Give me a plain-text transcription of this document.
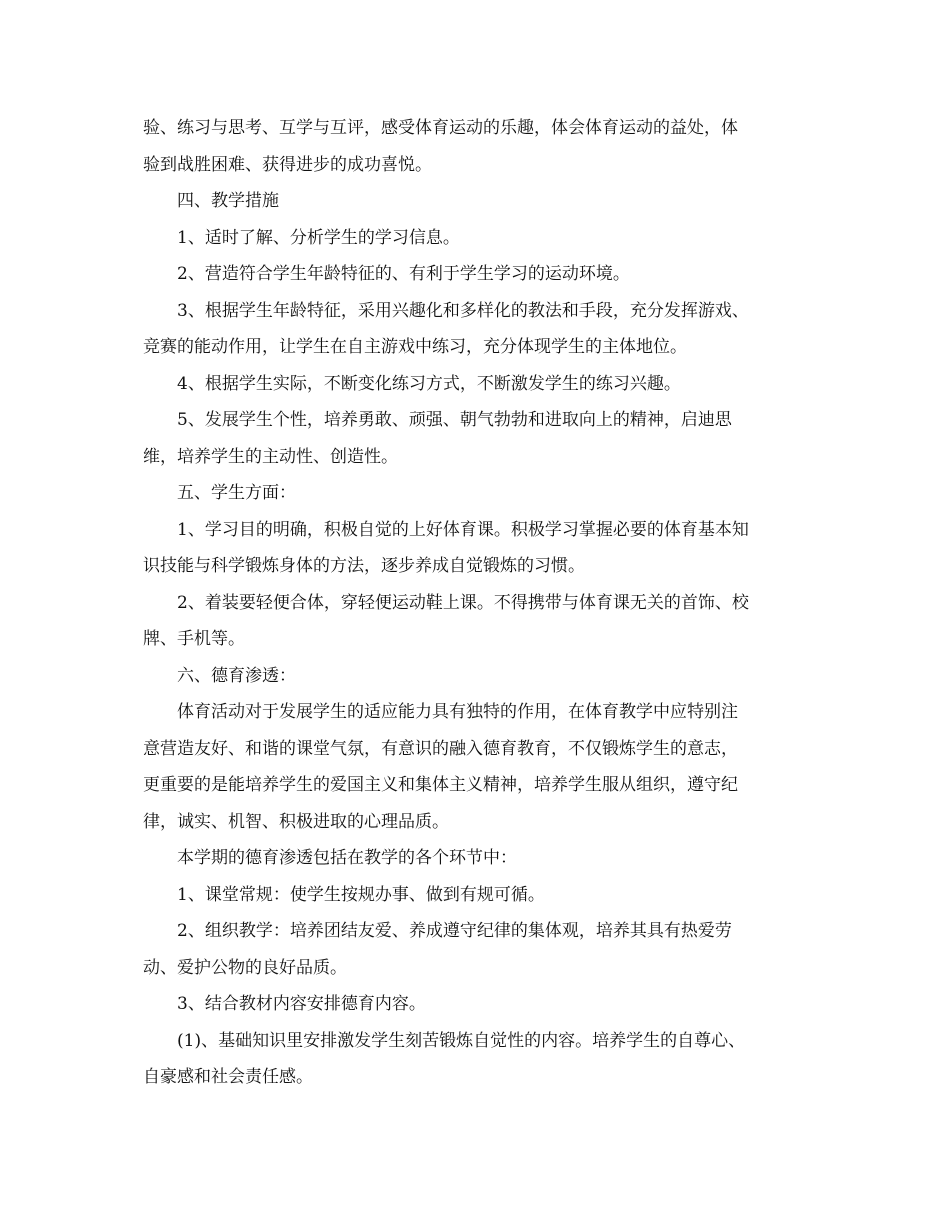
验、练习与思考、互学与互评，感受体育运动的乐趣，体会体育运动的益处，体
验到战胜困难、获得进步的成功喜悦。
四、教学措施
1、适时了解、分析学生的学习信息。
2、营造符合学生年龄特征的、有利于学生学习的运动环境。
3、根据学生年龄特征，采用兴趣化和多样化的教法和手段，充分发挥游戏、
竞赛的能动作用，让学生在自主游戏中练习，充分体现学生的主体地位。
4、根据学生实际，不断变化练习方式，不断激发学生的练习兴趣。
5、发展学生个性，培养勇敢、顽强、朝气勃勃和进取向上的精神，启迪思
维，培养学生的主动性、创造性。
五、学生方面：
1、学习目的明确，积极自觉的上好体育课。积极学习掌握必要的体育基本知
识技能与科学锻炼身体的方法，逐步养成自觉锻炼的习惯。
2、着装要轻便合体，穿轻便运动鞋上课。不得携带与体育课无关的首饰、校
牌、手机等。
六、德育渗透：
体育活动对于发展学生的适应能力具有独特的作用，在体育教学中应特别注
意营造友好、和谐的课堂气氛，有意识的融入德育教育，不仅锻炼学生的意志，
更重要的是能培养学生的爱国主义和集体主义精神，培养学生服从组织，遵守纪
律，诚实、机智、积极进取的心理品质。
本学期的德育渗透包括在教学的各个环节中：
1、课堂常规：使学生按规办事、做到有规可循。
2、组织教学：培养团结友爱、养成遵守纪律的集体观，培养其具有热爱劳
动、爱护公物的良好品质。
3、结合教材内容安排德育内容。
(1)、基础知识里安排激发学生刻苦锻炼自觉性的内容。培养学生的自尊心、
自豪感和社会责任感。
